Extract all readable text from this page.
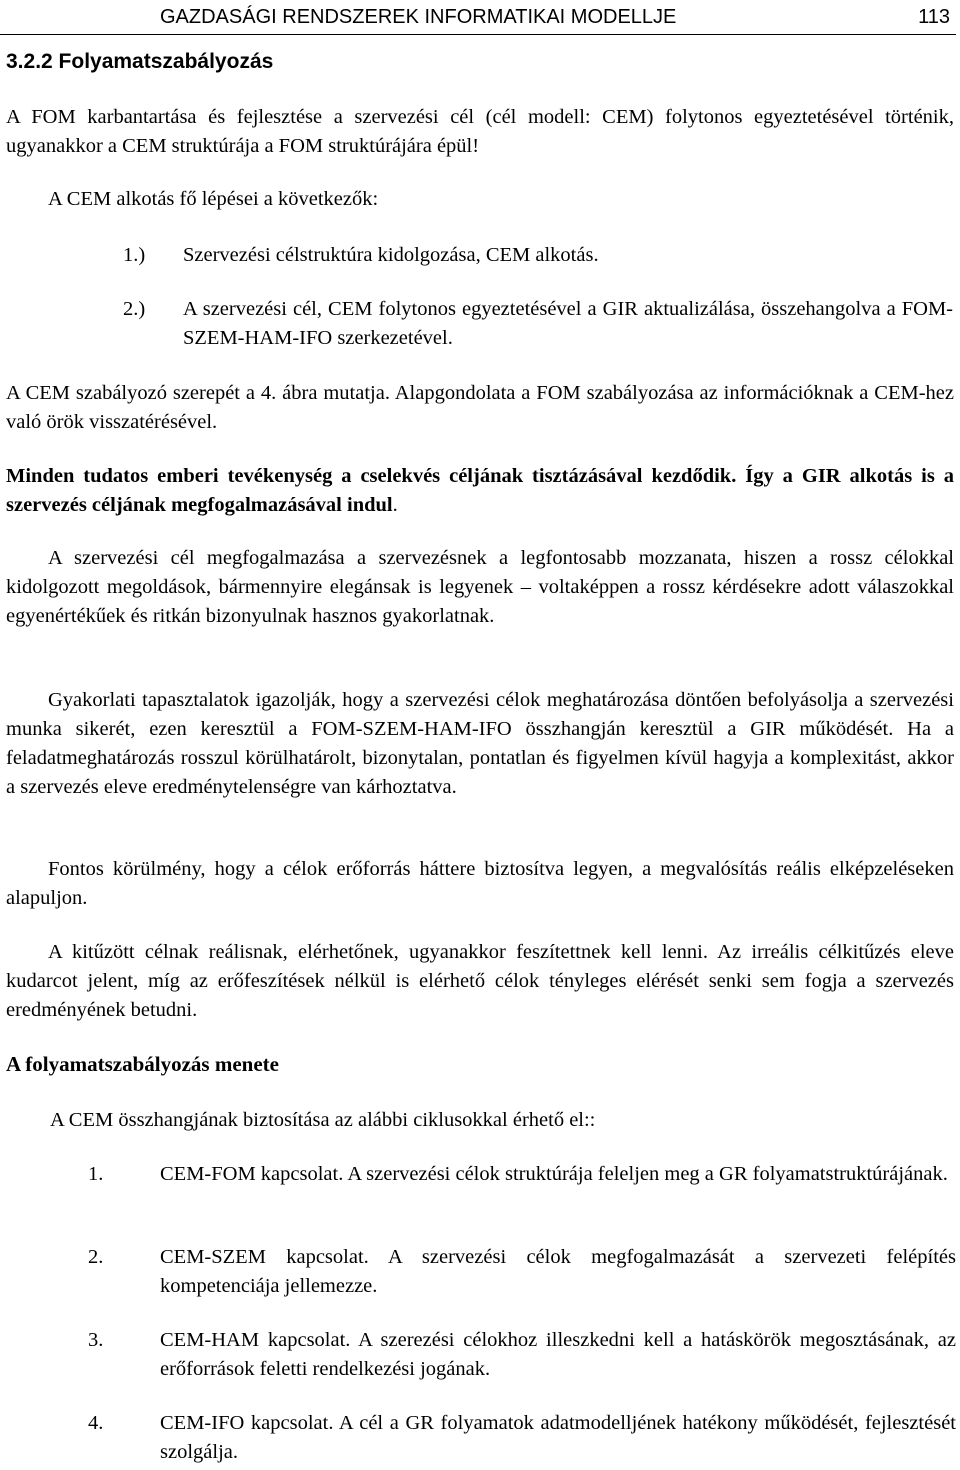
GAZDASÁGI RENDSZEREK INFORMATIKAI MODELLJE	113
3.2.2 Folyamatszabályozás

A FOM karbantartása és fejlesztése a szervezési cél (cél modell: CEM) folytonos egyeztetésével történik, ugyanakkor a CEM struktúrája a FOM struktúrájára épül!

A CEM alkotás fő lépései a következők:

1.) Szervezési célstruktúra kidolgozása, CEM alkotás.
2.) A szervezési cél, CEM folytonos egyeztetésével a GIR aktualizálása, összehangolva a FOM-SZEM-HAM-IFO szerkezetével.

A CEM szabályozó szerepét a 4. ábra mutatja. Alapgondolata a FOM szabályozása az információknak a CEM-hez való örök visszatérésével.

Minden tudatos emberi tevékenység a cselekvés céljának tisztázásával kezdődik. Így a GIR alkotás is a szervezés céljának megfogalmazásával indul.

A szervezési cél megfogalmazása a szervezésnek a legfontosabb mozzanata, hiszen a rossz célokkal kidolgozott megoldások, bármennyire elegánsak is legyenek – voltaképpen a rossz kérdésekre adott válaszokkal egyenértékűek és ritkán bizonyulnak hasznos gyakorlatnak.

Gyakorlati tapasztalatok igazolják, hogy a szervezési célok meghatározása döntően befolyásolja a szervezési munka sikerét, ezen keresztül a FOM-SZEM-HAM-IFO összhangján keresztül a GIR működését. Ha a feladatmeghatározás rosszul körülhatárolt, bizonytalan, pontatlan és figyelmen kívül hagyja a komplexitást, akkor a szervezés eleve eredménytelenségre van kárhoztatva.

Fontos körülmény, hogy a célok erőforrás háttere biztosítva legyen, a megvalósítás reális elképzeléseken alapuljon.

A kitűzött célnak reálisnak, elérhetőnek, ugyanakkor feszítettnek kell lenni. Az irreális célkitűzés eleve kudarcot jelent, míg az erőfeszítések nélkül is elérhető célok tényleges elérését senki sem fogja a szervezés eredményének betudni.

A folyamatszabályozás menete

A CEM összhangjának biztosítása az alábbi ciklusokkal érhető el::

1.	CEM-FOM kapcsolat. A szervezési célok struktúrája feleljen meg a GR folyamatstruktúrájának.
2.	CEM-SZEM kapcsolat. A szervezési célok megfogalmazását a szervezeti felépítés kompetenciája jellemezze.
3.	CEM-HAM kapcsolat. A szerezési célokhoz illeszkedni kell a hatáskörök megosztásának, az erőforrások feletti rendelkezési jogának.
4.	CEM-IFO kapcsolat. A cél a GR folyamatok adatmodelljének hatékony működését, fejlesztését szolgálja.
